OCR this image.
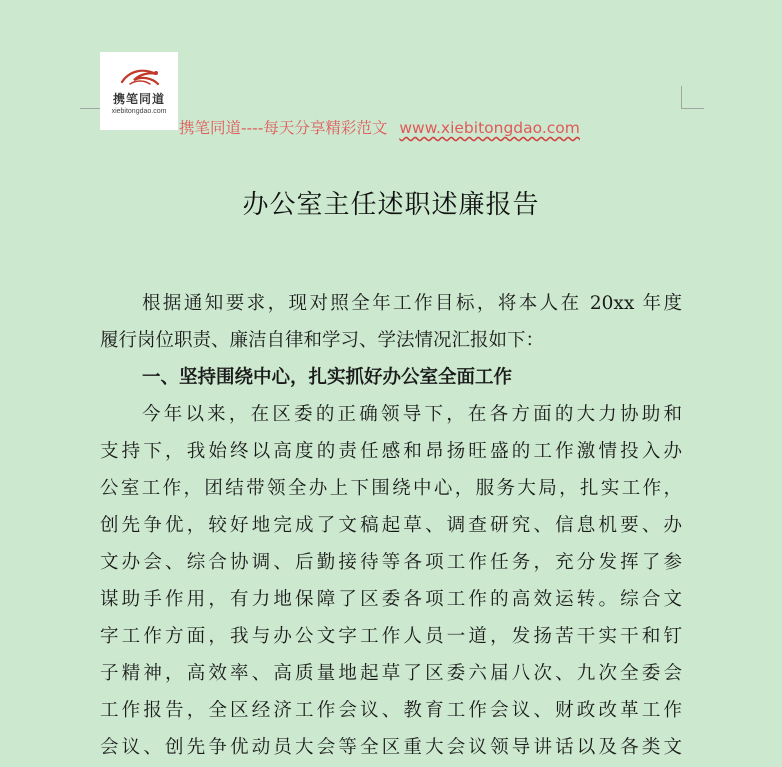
携笔同道
xiebitongdao.com
携笔同道----每天分享精彩范文 www.xiebitongdao.com
办公室主任述职述廉报告
根据通知要求，现对照全年工作目标，将本人在 20xx 年度
履行岗位职责、廉洁自律和学习、学法情况汇报如下：
一、坚持围绕中心，扎实抓好办公室全面工作
今年以来，在区委的正确领导下，在各方面的大力协助和
支持下，我始终以高度的责任感和昂扬旺盛的工作激情投入办
公室工作，团结带领全办上下围绕中心，服务大局，扎实工作，
创先争优，较好地完成了文稿起草、调查研究、信息机要、办
文办会、综合协调、后勤接待等各项工作任务，充分发挥了参
谋助手作用，有力地保障了区委各项工作的高效运转。综合文
字工作方面，我与办公文字工作人员一道，发扬苦干实干和钉
子精神，高效率、高质量地起草了区委六届八次、九次全委会
工作报告，全区经济工作会议、教育工作会议、财政改革工作
会议、创先争优动员大会等全区重大会议领导讲话以及各类文
